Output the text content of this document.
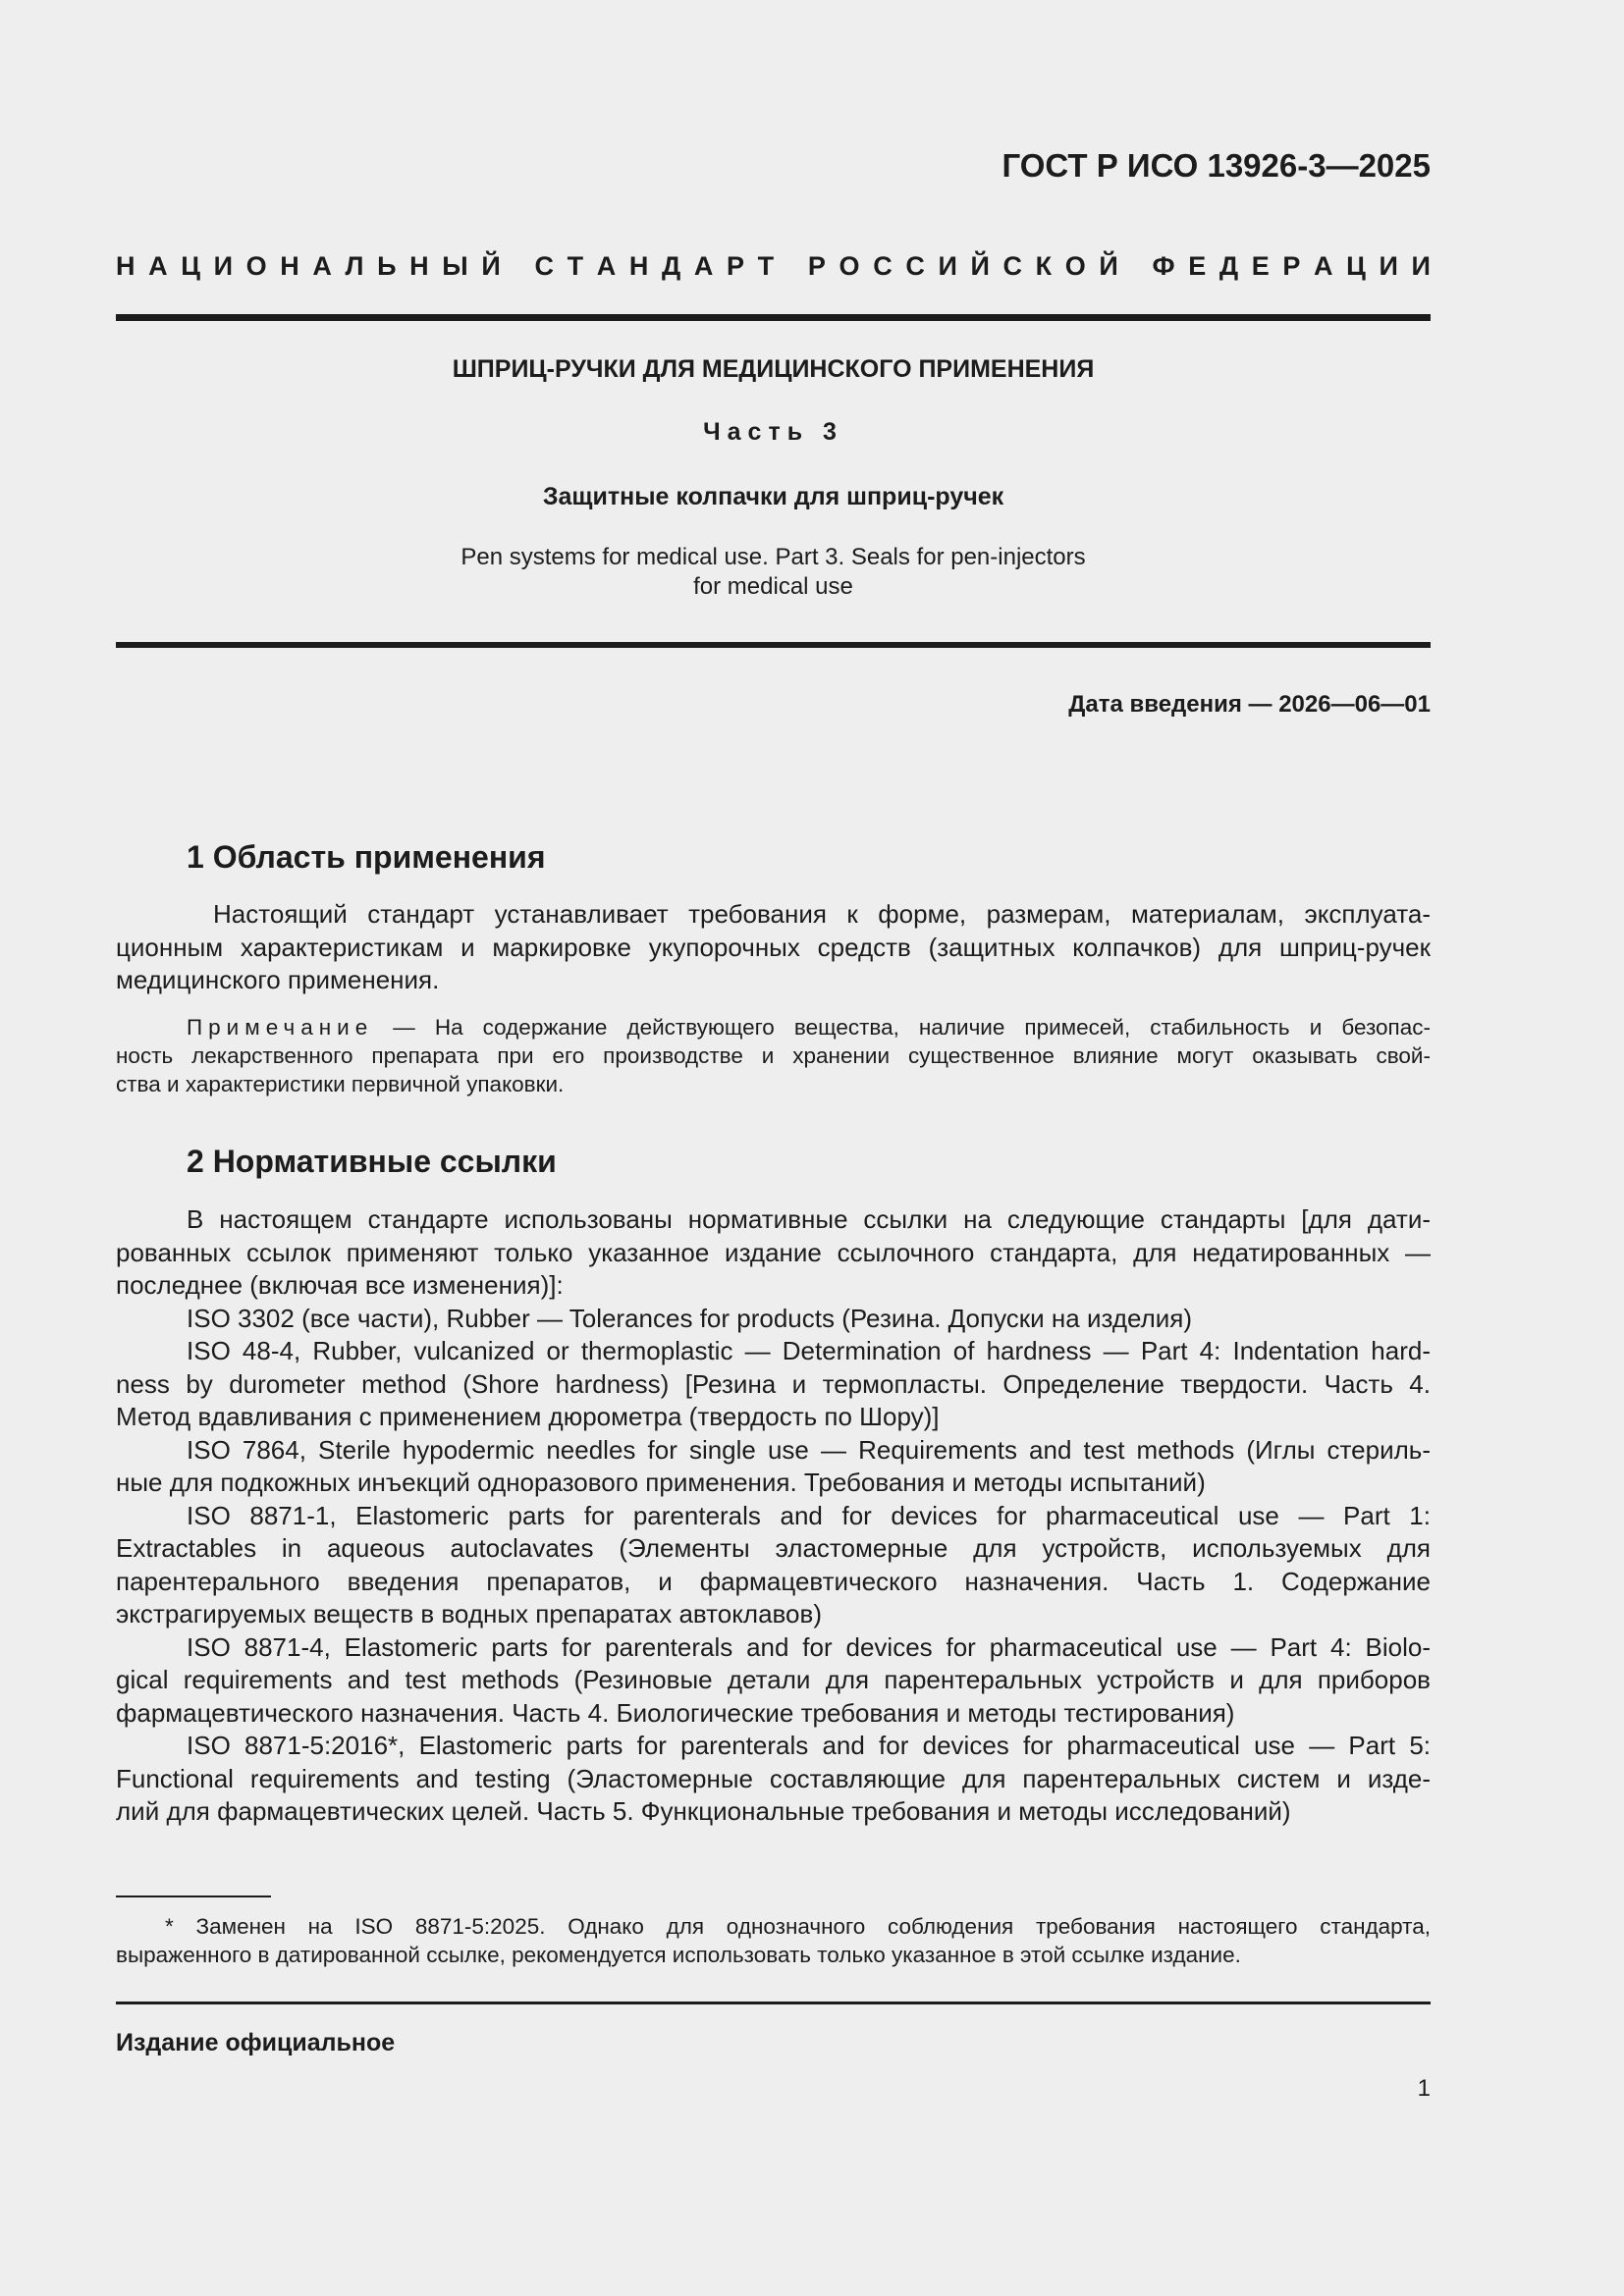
ГОСТ Р ИСО 13926-3—2025
Н А Ц И О Н А Л Ь Н Ы Й
С Т А Н Д А Р Т
Р О С С И Й С К О Й
Ф Е Д Е Р А Ц И И
ШПРИЦ-РУЧКИ ДЛЯ МЕДИЦИНСКОГО ПРИМЕНЕНИЯ
Часть 3
Защитные колпачки для шприц-ручек
Pen systems for medical use. Part 3. Seals for pen-injectors
for medical use
Дата введения — 2026—06—01
1 Область применения
Настоящий стандарт устанавливает требования к форме, размерам, материалам, эксплуата-
ционным характеристикам и маркировке укупорочных средств (защитных колпачков) для шприц-ручек
медицинского применения.
Примечание — На содержание действующего вещества, наличие примесей, стабильность и безопас-
ность лекарственного препарата при его производстве и хранении существенное влияние могут оказывать свой-
ства и характеристики первичной упаковки.
2 Нормативные ссылки
В настоящем стандарте использованы нормативные ссылки на следующие стандарты [для дати-
рованных ссылок применяют только указанное издание ссылочного стандарта, для недатированных —
последнее (включая все изменения)]:
ISO 3302 (все части), Rubber — Tolerances for products (Резина. Допуски на изделия)
ISO 48-4, Rubber, vulcanized or thermoplastic — Determination of hardness — Part 4: Indentation hard-
ness by durometer method (Shore hardness) [Резина и термопласты. Определение твердости. Часть 4.
Метод вдавливания с применением дюрометра (твердость по Шору)]
ISO 7864, Sterile hypodermic needles for single use — Requirements and test methods (Иглы стериль-
ные для подкожных инъекций одноразового применения. Требования и методы испытаний)
ISO 8871-1, Elastomeric parts for parenterals and for devices for pharmaceutical use — Part 1:
Extractables in aqueous autoclavates (Элементы эластомерные для устройств, используемых для
парентерального введения препаратов, и фармацевтического назначения. Часть 1. Содержание
экстрагируемых веществ в водных препаратах автоклавов)
ISO 8871-4, Elastomeric parts for parenterals and for devices for pharmaceutical use — Part 4: Biolo-
gical requirements and test methods (Резиновые детали для парентеральных устройств и для приборов
фармацевтического назначения. Часть 4. Биологические требования и методы тестирования)
ISO 8871-5:2016*, Elastomeric parts for parenterals and for devices for pharmaceutical use — Part 5:
Functional requirements and testing (Эластомерные составляющие для парентеральных систем и изде-
лий для фармацевтических целей. Часть 5. Функциональные требования и методы исследований)
* Заменен на ISO 8871-5:2025. Однако для однозначного соблюдения требования настоящего стандарта,
выраженного в датированной ссылке, рекомендуется использовать только указанное в этой ссылке издание.
Издание официальное
1
